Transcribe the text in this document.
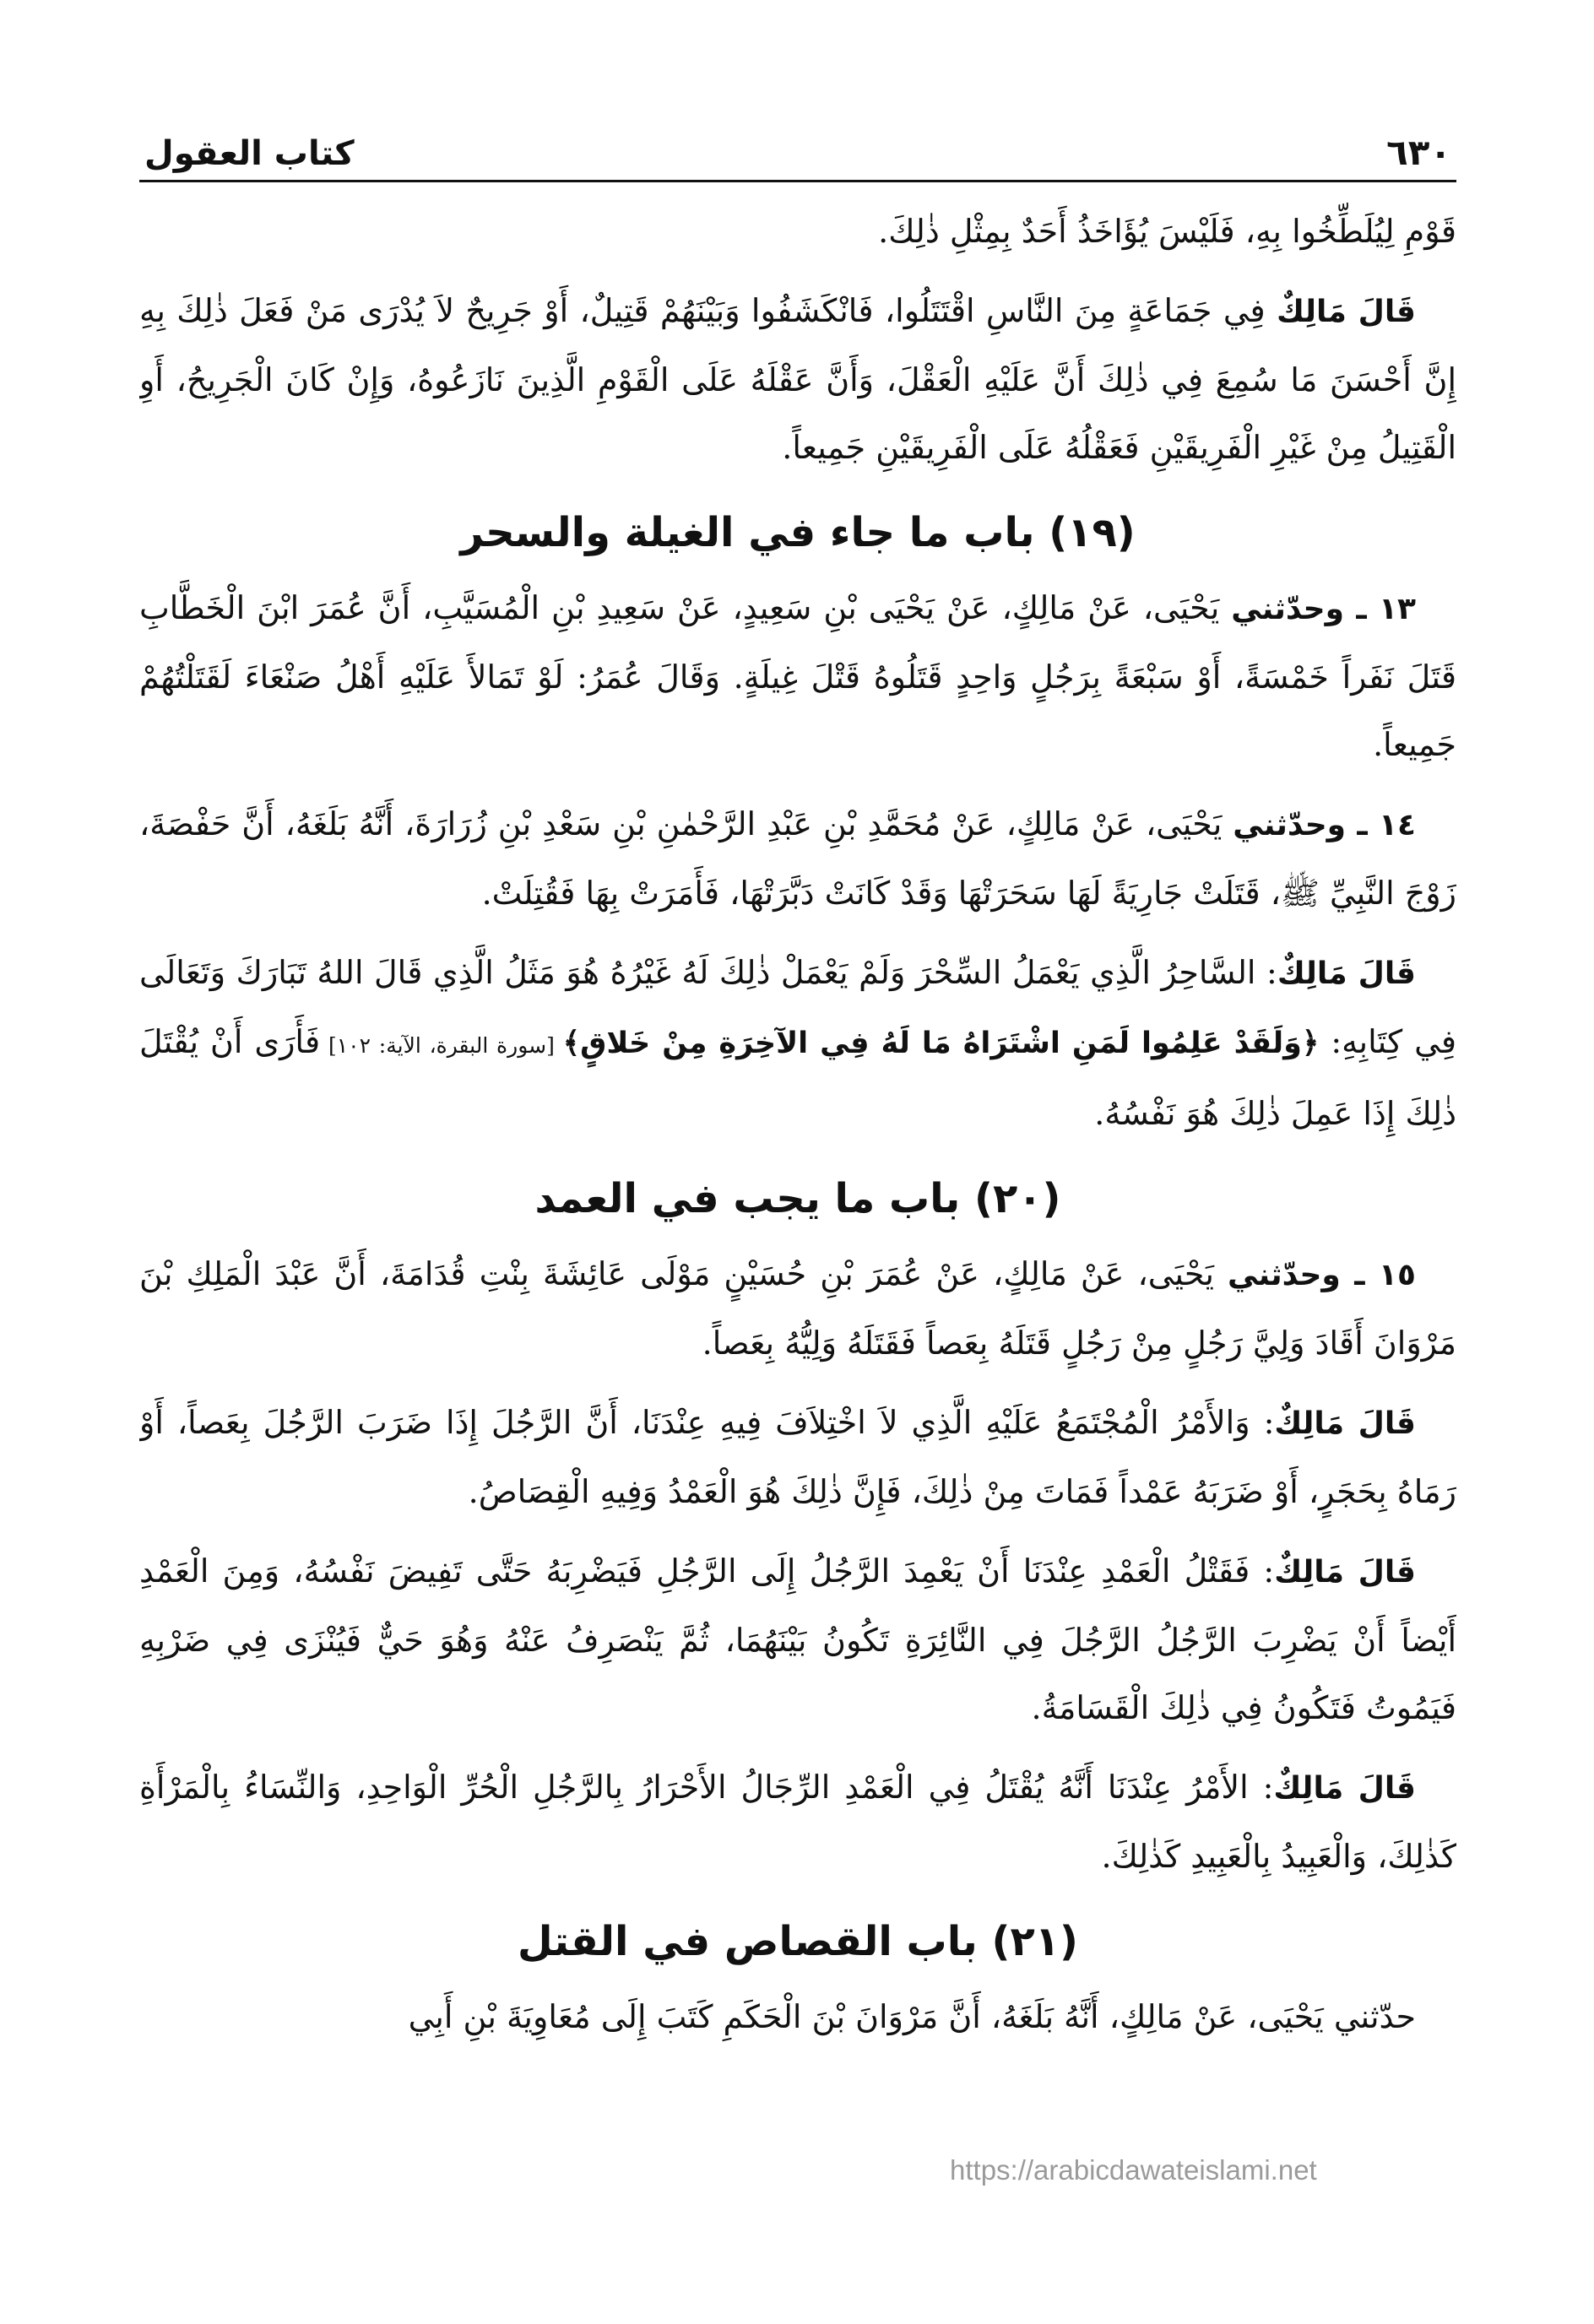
٦٣٠
كتاب العقول

قَوْمِ لِيُلَطِّخُوا بِهِ، فَلَيْسَ يُؤَاخَذُ أَحَدٌ بِمِثْلِ ذٰلِكَ.

قَالَ مَالِكٌ فِي جَمَاعَةٍ مِنَ النَّاسِ اقْتَتَلُوا، فَانْكَشَفُوا وَبَيْنَهُمْ قَتِيلٌ، أَوْ جَرِيحٌ لاَ يُدْرَى مَنْ فَعَلَ ذٰلِكَ بِهِ إِنَّ أَحْسَنَ مَا سُمِعَ فِي ذٰلِكَ أَنَّ عَلَيْهِ الْعَقْلَ، وَأَنَّ عَقْلَهُ عَلَى الْقَوْمِ الَّذِينَ نَازَعُوهُ، وَإِنْ كَانَ الْجَرِيحُ، أَوِ الْقَتِيلُ مِنْ غَيْرِ الْفَرِيقَيْنِ فَعَقْلُهُ عَلَى الْفَرِيقَيْنِ جَمِيعاً.

(١٩) باب ما جاء في الغيلة والسحر

١٣ ـ وحدّثني يَحْيَى، عَنْ مَالِكٍ، عَنْ يَحْيَى بْنِ سَعِيدٍ، عَنْ سَعِيدِ بْنِ الْمُسَيَّبِ، أَنَّ عُمَرَ ابْنَ الْخَطَّابِ قَتَلَ نَفَراً خَمْسَةً، أَوْ سَبْعَةً بِرَجُلٍ وَاحِدٍ قَتَلُوهُ قَتْلَ غِيلَةٍ. وَقَالَ عُمَرُ: لَوْ تَمَالأَ عَلَيْهِ أَهْلُ صَنْعَاءَ لَقَتَلْتُهُمْ جَمِيعاً.

١٤ ـ وحدّثني يَحْيَى، عَنْ مَالِكٍ، عَنْ مُحَمَّدِ بْنِ عَبْدِ الرَّحْمٰنِ بْنِ سَعْدِ بْنِ زُرَارَةَ، أَنَّهُ بَلَغَهُ، أَنَّ حَفْصَةَ، زَوْجَ النَّبِيِّ ﷺ، قَتَلَتْ جَارِيَةً لَهَا سَحَرَتْهَا وَقَدْ كَانَتْ دَبَّرَتْهَا، فَأَمَرَتْ بِهَا فَقُتِلَتْ.

قَالَ مَالِكٌ: السَّاحِرُ الَّذِي يَعْمَلُ السِّحْرَ وَلَمْ يَعْمَلْ ذٰلِكَ لَهُ غَيْرُهُ هُوَ مَثَلُ الَّذِي قَالَ اللهُ تَبَارَكَ وَتَعَالَى فِي كِتَابِهِ: ﴿وَلَقَدْ عَلِمُوا لَمَنِ اشْتَرَاهُ مَا لَهُ فِي الآخِرَةِ مِنْ خَلاقٍ﴾ [سورة البقرة، الآية: ١٠٢] فَأَرَى أَنْ يُقْتَلَ ذٰلِكَ إِذَا عَمِلَ ذٰلِكَ هُوَ نَفْسُهُ.

(٢٠) باب ما يجب في العمد

١٥ ـ وحدّثني يَحْيَى، عَنْ مَالِكٍ، عَنْ عُمَرَ بْنِ حُسَيْنٍ مَوْلَى عَائِشَةَ بِنْتِ قُدَامَةَ، أَنَّ عَبْدَ الْمَلِكِ بْنَ مَرْوَانَ أَقَادَ وَلِيَّ رَجُلٍ مِنْ رَجُلٍ قَتَلَهُ بِعَصاً فَقَتَلَهُ وَلِيُّهُ بِعَصاً.

قَالَ مَالِكٌ: وَالأَمْرُ الْمُجْتَمَعُ عَلَيْهِ الَّذِي لاَ اخْتِلاَفَ فِيهِ عِنْدَنَا، أَنَّ الرَّجُلَ إِذَا ضَرَبَ الرَّجُلَ بِعَصاً، أَوْ رَمَاهُ بِحَجَرٍ، أَوْ ضَرَبَهُ عَمْداً فَمَاتَ مِنْ ذٰلِكَ، فَإِنَّ ذٰلِكَ هُوَ الْعَمْدُ وَفِيهِ الْقِصَاصُ.

قَالَ مَالِكٌ: فَقَتْلُ الْعَمْدِ عِنْدَنَا أَنْ يَعْمِدَ الرَّجُلُ إِلَى الرَّجُلِ فَيَضْرِبَهُ حَتَّى تَفِيضَ نَفْسُهُ، وَمِنَ الْعَمْدِ أَيْضاً أَنْ يَضْرِبَ الرَّجُلُ الرَّجُلَ فِي النَّائِرَةِ تَكُونُ بَيْنَهُمَا، ثُمَّ يَنْصَرِفُ عَنْهُ وَهُوَ حَيٌّ فَيُنْزَى فِي ضَرْبِهِ فَيَمُوتُ فَتَكُونُ فِي ذٰلِكَ الْقَسَامَةُ.

قَالَ مَالِكٌ: الأَمْرُ عِنْدَنَا أَنَّهُ يُقْتَلُ فِي الْعَمْدِ الرِّجَالُ الأَحْرَارُ بِالرَّجُلِ الْحُرِّ الْوَاحِدِ، وَالنِّسَاءُ بِالْمَرْأَةِ كَذٰلِكَ، وَالْعَبِيدُ بِالْعَبِيدِ كَذٰلِكَ.

(٢١) باب القصاص في القتل

حدّثني يَحْيَى، عَنْ مَالِكٍ، أَنَّهُ بَلَغَهُ، أَنَّ مَرْوَانَ بْنَ الْحَكَمِ كَتَبَ إِلَى مُعَاوِيَةَ بْنِ أَبِي

https://arabicdawateislami.net
